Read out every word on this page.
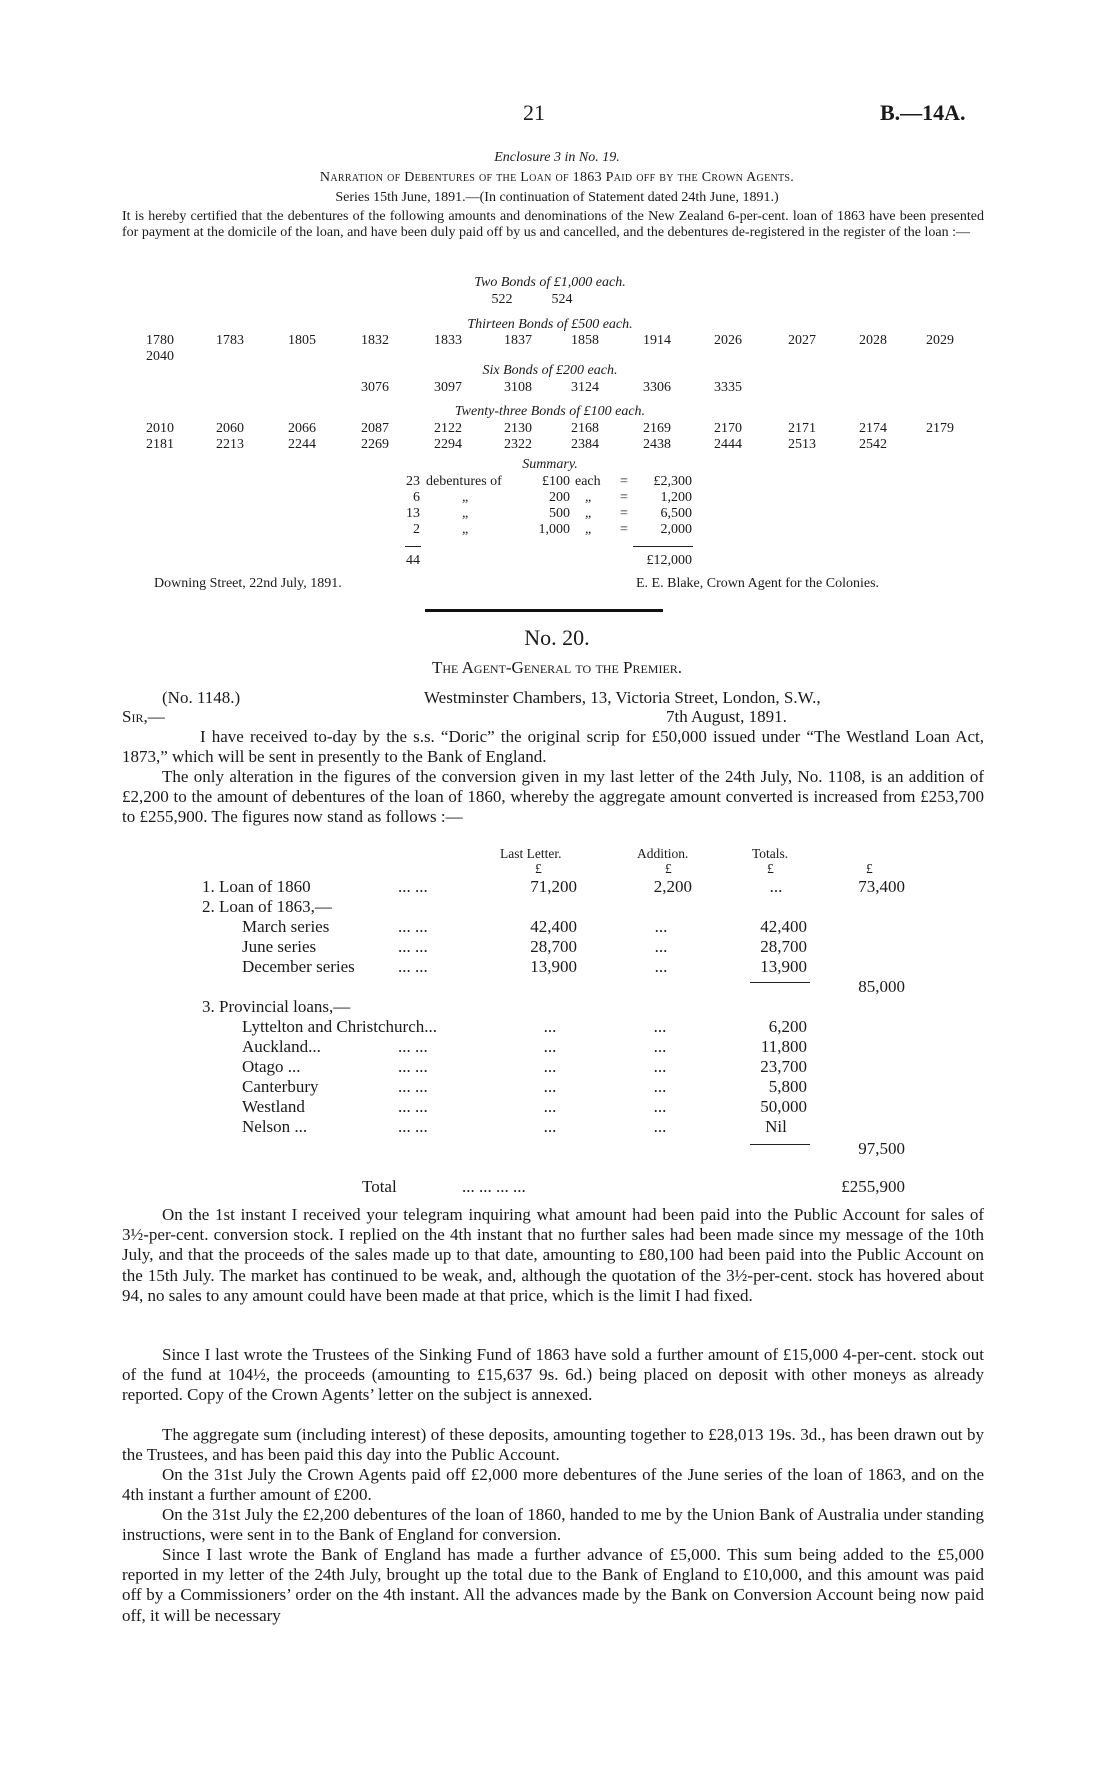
21	B.—14A.
Enclosure 3 in No. 19.
Narration of Debentures of the Loan of 1863 Paid off by the Crown Agents.
Series 15th June, 1891.—(In continuation of Statement dated 24th June, 1891.)
It is hereby certified that the debentures of the following amounts and denominations of the New Zealand 6-per-cent. loan of 1863 have been presented for payment at the domicile of the loan, and have been duly paid off by us and cancelled, and the debentures de-registered in the register of the loan :—
Two Bonds of £1,000 each.
522	524
Thirteen Bonds of £500 each.
1780	1783	1805	1832	1833	1837	1858	1914	2026	2027	2028	2029
2040
Six Bonds of £200 each.
3076	3097	3108	3124	3306	3335
Twenty-three Bonds of £100 each.
2010	2060	2066	2087	2122	2130	2168	2169	2170	2171	2174	2179
2181	2213	2244	2269	2294	2322	2384	2438	2444	2513	2542
Summary.
23 debentures of	£100 each =	£2,300
6	„	200 „ =	1,200
13	„	500 „ =	6,500
2	„	1,000 „ =	2,000
44	£12,000
Downing Street, 22nd July, 1891.	E. E. Blake, Crown Agent for the Colonies.
No. 20.
The Agent-General to the Premier.
(No. 1148.)	Westminster Chambers, 13, Victoria Street, London, S.W.,
7th August, 1891.
Sir,—
I have received to-day by the s.s. “Doric” the original scrip for £50,000 issued under “The Westland Loan Act, 1873,” which will be sent in presently to the Bank of England.
The only alteration in the figures of the conversion given in my last letter of the 24th July, No. 1108, is an addition of £2,200 to the amount of debentures of the loan of 1860, whereby the aggregate amount converted is increased from £253,700 to £255,900. The figures now stand as follows :—
Last Letter.	Addition.	Totals.
£	£	£	£
1. Loan of 1860	... ...	71,200	2,200	...	73,400
2. Loan of 1863,—
March series	... ...	42,400	...	42,400
June series	... ...	28,700	...	28,700
December series	... ...	13,900	...	13,900
85,000
3. Provincial loans,—
Lyttelton and Christchurch...	...	...	6,200
Auckland...	... ...	...	...	11,800
Otago ...	... ...	...	...	23,700
Canterbury	... ...	...	...	5,800
Westland	... ...	...	...	50,000
Nelson ...	... ...	...	...	Nil
97,500
Total	... ... ... ...	£255,900
On the 1st instant I received your telegram inquiring what amount had been paid into the Public Account for sales of 3½-per-cent. conversion stock. I replied on the 4th instant that no further sales had been made since my message of the 10th July, and that the proceeds of the sales made up to that date, amounting to £80,100 had been paid into the Public Account on the 15th July. The market has continued to be weak, and, although the quotation of the 3½-per-cent. stock has hovered about 94, no sales to any amount could have been made at that price, which is the limit I had fixed.
Since I last wrote the Trustees of the Sinking Fund of 1863 have sold a further amount of £15,000 4-per-cent. stock out of the fund at 104½, the proceeds (amounting to £15,637 9s. 6d.) being placed on deposit with other moneys as already reported. Copy of the Crown Agents’ letter on the subject is annexed.
The aggregate sum (including interest) of these deposits, amounting together to £28,013 19s. 3d., has been drawn out by the Trustees, and has been paid this day into the Public Account.
On the 31st July the Crown Agents paid off £2,000 more debentures of the June series of the loan of 1863, and on the 4th instant a further amount of £200.
On the 31st July the £2,200 debentures of the loan of 1860, handed to me by the Union Bank of Australia under standing instructions, were sent in to the Bank of England for conversion.
Since I last wrote the Bank of England has made a further advance of £5,000. This sum being added to the £5,000 reported in my letter of the 24th July, brought up the total due to the Bank of England to £10,000, and this amount was paid off by a Commissioners’ order on the 4th instant. All the advances made by the Bank on Conversion Account being now paid off, it will be necessary
